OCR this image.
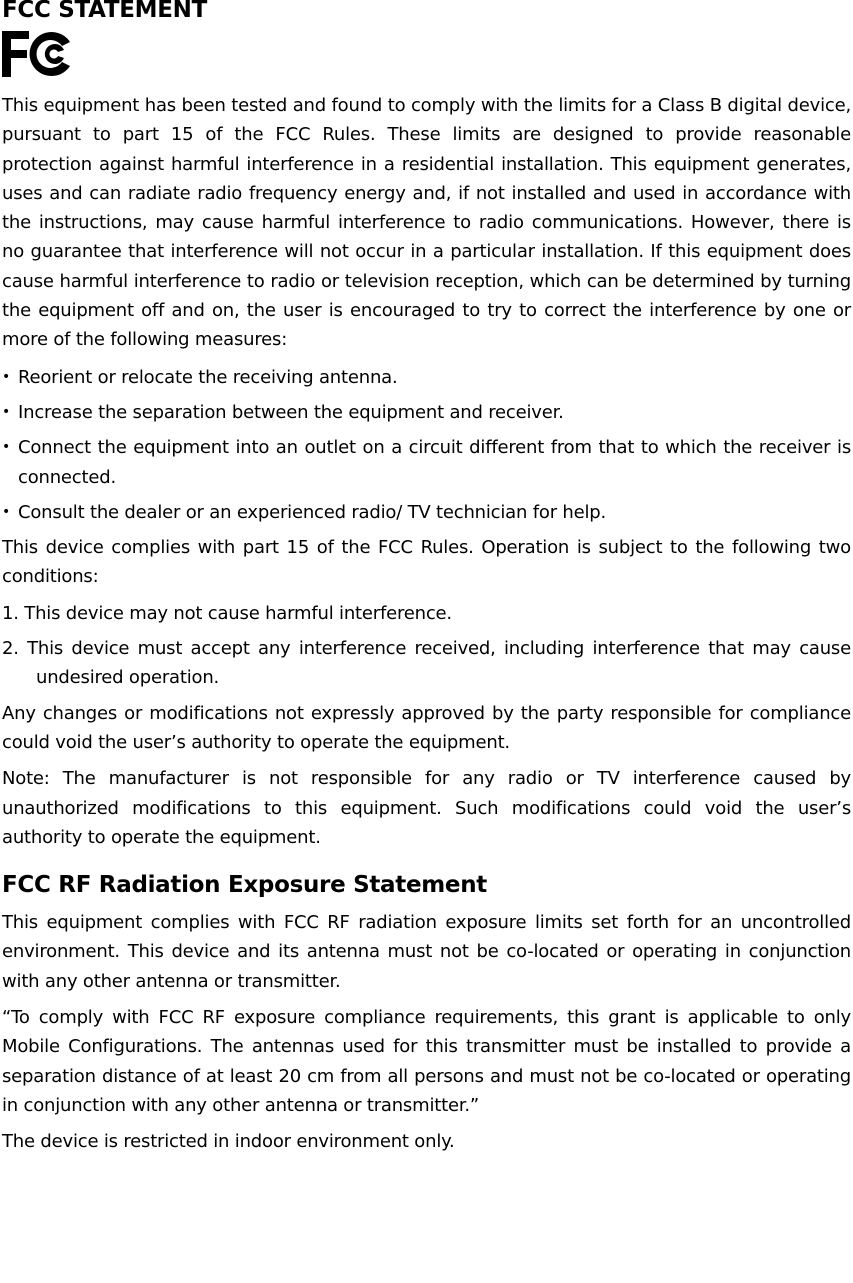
FCC STATEMENT

This equipment has been tested and found to comply with the limits for a Class B digital device, pursuant to part 15 of the FCC Rules. These limits are designed to provide reasonable protection against harmful interference in a residential installation. This equipment generates, uses and can radiate radio frequency energy and, if not installed and used in accordance with the instructions, may cause harmful interference to radio communications. However, there is no guarantee that interference will not occur in a particular installation. If this equipment does cause harmful interference to radio or television reception, which can be determined by turning the equipment off and on, the user is encouraged to try to correct the interference by one or more of the following measures:

• Reorient or relocate the receiving antenna.
• Increase the separation between the equipment and receiver.
• Connect the equipment into an outlet on a circuit different from that to which the receiver is connected.
• Consult the dealer or an experienced radio/ TV technician for help.

This device complies with part 15 of the FCC Rules. Operation is subject to the following two conditions:

1. This device may not cause harmful interference.
2. This device must accept any interference received, including interference that may cause undesired operation.

Any changes or modifications not expressly approved by the party responsible for compliance could void the user’s authority to operate the equipment.

Note: The manufacturer is not responsible for any radio or TV interference caused by unauthorized modifications to this equipment. Such modifications could void the user’s authority to operate the equipment.

FCC RF Radiation Exposure Statement

This equipment complies with FCC RF radiation exposure limits set forth for an uncontrolled environment. This device and its antenna must not be co-located or operating in conjunction with any other antenna or transmitter.

“To comply with FCC RF exposure compliance requirements, this grant is applicable to only Mobile Configurations. The antennas used for this transmitter must be installed to provide a separation distance of at least 20 cm from all persons and must not be co-located or operating in conjunction with any other antenna or transmitter.”

The device is restricted in indoor environment only.
